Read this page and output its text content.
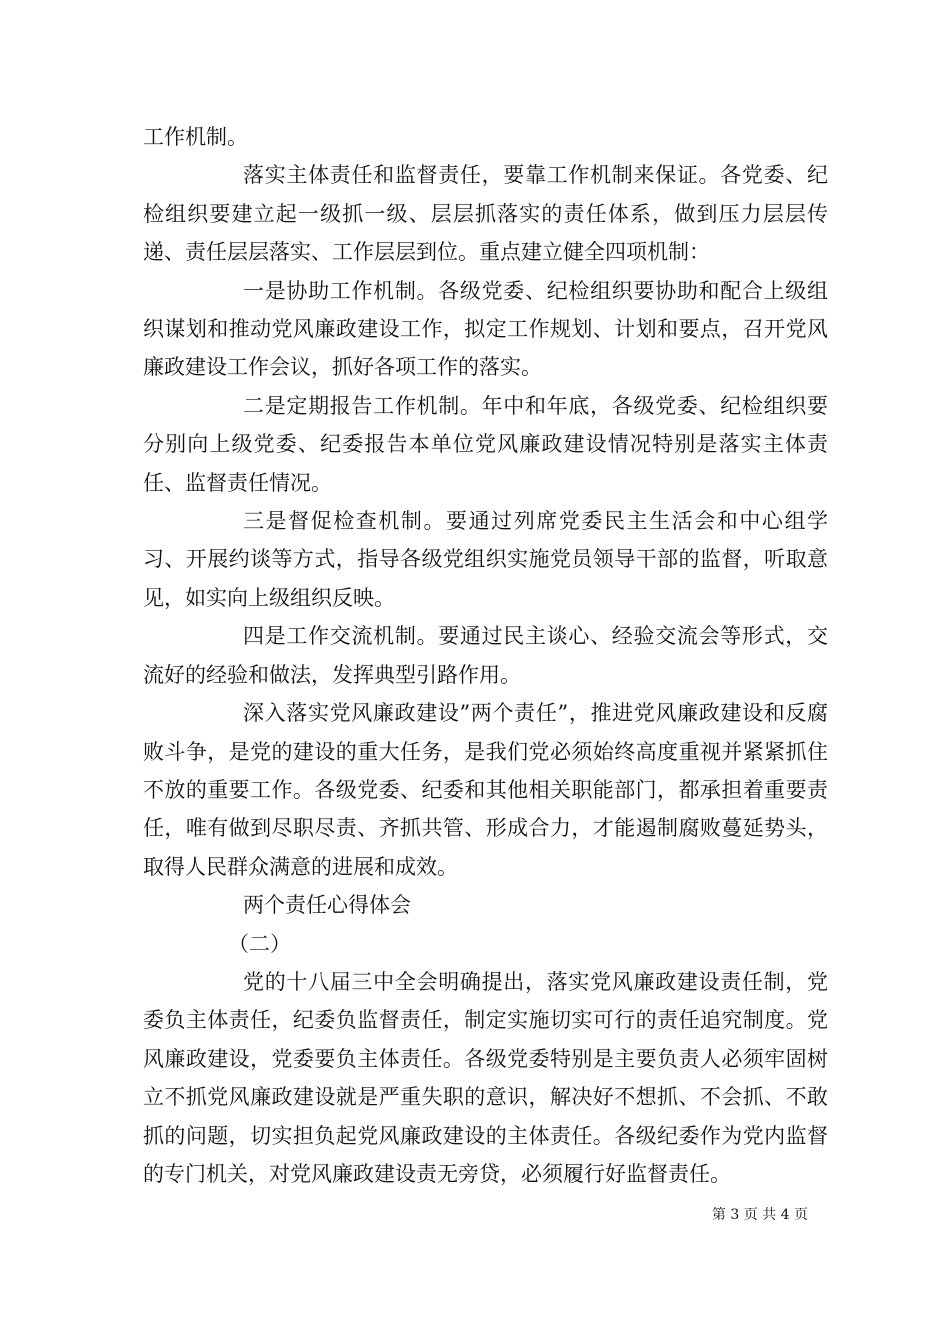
工作机制。

落实主体责任和监督责任，要靠工作机制来保证。各党委、纪检组织要建立起一级抓一级、层层抓落实的责任体系，做到压力层层传递、责任层层落实、工作层层到位。重点建立健全四项机制：

一是协助工作机制。各级党委、纪检组织要协助和配合上级组织谋划和推动党风廉政建设工作，拟定工作规划、计划和要点，召开党风廉政建设工作会议，抓好各项工作的落实。

二是定期报告工作机制。年中和年底，各级党委、纪检组织要分别向上级党委、纪委报告本单位党风廉政建设情况特别是落实主体责任、监督责任情况。

三是督促检查机制。要通过列席党委民主生活会和中心组学习、开展约谈等方式，指导各级党组织实施党员领导干部的监督，听取意见，如实向上级组织反映。

四是工作交流机制。要通过民主谈心、经验交流会等形式，交流好的经验和做法，发挥典型引路作用。

深入落实党风廉政建设”两个责任”，推进党风廉政建设和反腐败斗争，是党的建设的重大任务，是我们党必须始终高度重视并紧紧抓住不放的重要工作。各级党委、纪委和其他相关职能部门，都承担着重要责任，唯有做到尽职尽责、齐抓共管、形成合力，才能遏制腐败蔓延势头，取得人民群众满意的进展和成效。

两个责任心得体会

（二）

党的十八届三中全会明确提出，落实党风廉政建设责任制，党委负主体责任，纪委负监督责任，制定实施切实可行的责任追究制度。党风廉政建设，党委要负主体责任。各级党委特别是主要负责人必须牢固树立不抓党风廉政建设就是严重失职的意识，解决好不想抓、不会抓、不敢抓的问题，切实担负起党风廉政建设的主体责任。各级纪委作为党内监督的专门机关，对党风廉政建设责无旁贷，必须履行好监督责任。

第 3 页 共 4 页
